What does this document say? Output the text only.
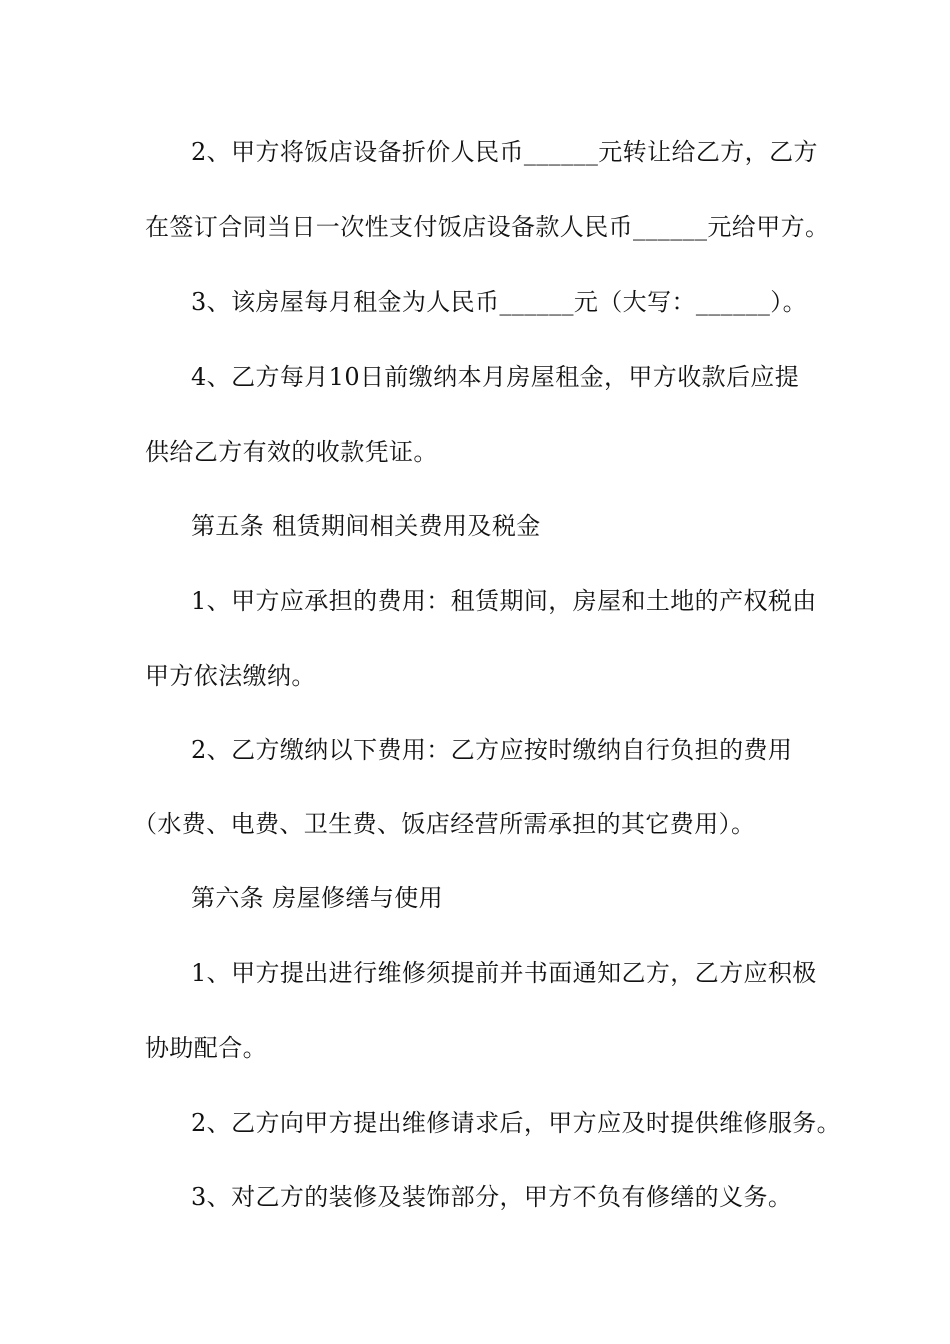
2、甲方将饭店设备折价人民币______元转让给乙方，乙方
在签订合同当日一次性支付饭店设备款人民币______元给甲方。
3、该房屋每月租金为人民币______元（大写：______）。
4、乙方每月10日前缴纳本月房屋租金，甲方收款后应提
供给乙方有效的收款凭证。
第五条 租赁期间相关费用及税金
1、甲方应承担的费用：租赁期间，房屋和土地的产权税由
甲方依法缴纳。
2、乙方缴纳以下费用：乙方应按时缴纳自行负担的费用
（水费、电费、卫生费、饭店经营所需承担的其它费用）。
第六条 房屋修缮与使用
1、甲方提出进行维修须提前并书面通知乙方，乙方应积极
协助配合。
2、乙方向甲方提出维修请求后，甲方应及时提供维修服务。
3、对乙方的装修及装饰部分，甲方不负有修缮的义务。
